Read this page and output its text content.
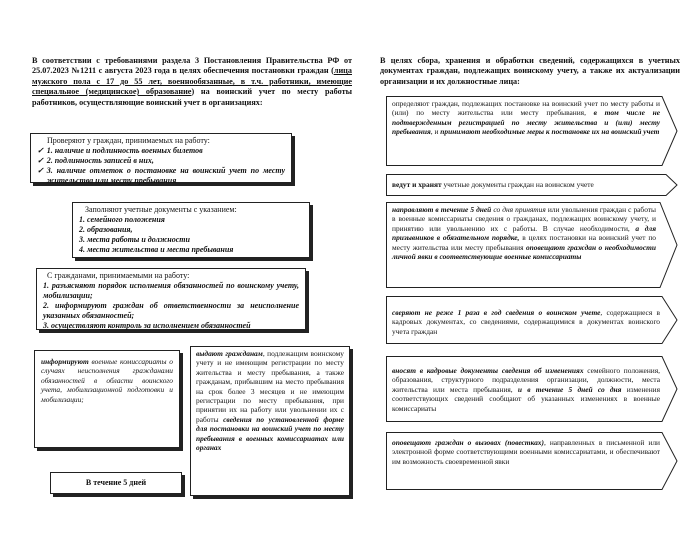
В соответствии с требованиями раздела 3 Постановления Правительства РФ от 25.07.2023 №1211 с августа 2023 года в целях обеспечения постановки граждан (лица мужского пола с 17 до 55 лет, военнообязанные, в т.ч. работники, имеющие специальное (медицинское) образование) на воинский учет по месту работы работников, осуществляющие воинский учет в организациях:
Проверяют у граждан, принимаемых на работу:
✓ 1. наличие и подлинность военных билетов
✓ 2. подлинность записей в них,
✓ 3. наличие отметок о постановке на воинский учет по месту жительства или месту пребывания
Заполняют учетные документы с указанием:
1. семейного положения
2. образования,
3. места работы и должности
4. места жительства и места пребывания
С гражданами, принимаемыми на работу:
1. разъясняют порядок исполнения обязанностей по воинскому учету, мобилизации;
2. информируют граждан об ответственности за неисполнение указанных обязанностей;
3. осуществляют контроль за исполнением обязанностей
информируют военные комиссариаты о случаях неисполнения гражданами обязанностей в области воинского учета, мобилизационной подготовки и мобилизации;
выдают гражданам, подлежащим воинскому учету и не имеющим регистрации по месту жительства и месту пребывания, а также гражданам, прибывшим на место пребывания на срок более 3 месяцев и не имеющим регистрации по месту пребывания, при принятии их на работу или увольнении их с работы сведения по установленной форме для постановки на воинский учет по месту пребывания в военных комиссариатах или органах
В течение 5 дней
В целях сбора, хранения и обработки сведений, содержащихся в учетных документах граждан, подлежащих воинскому учету, а также их актуализации организации и их должностные лица:
определяют граждан, подлежащих постановке на воинский учет по месту работы и (или) по месту жительства или месту пребывания, в том числе не подтвержденным регистрацией по месту жительства и (или) месту пребывания, и принимают необходимые меры к постановке их на воинский учет
ведут и хранят учетные документы граждан на воинском учете
направляют в течение 5 дней со дня принятия или увольнения граждан с работы в военные комиссариаты сведения о гражданах, подлежащих воинскому учету, и принятию или увольнению их с работы. В случае необходимости, а для призывников в обязательном порядке, в целях постановки на воинский учет по месту жительства или месту пребывания оповещают граждан о необходимости личной явки в соответствующие военные комиссариаты
сверяют не реже 1 раза в год сведения о воинском учете, содержащиеся в кадровых документах, со сведениями, содержащимися в документах воинского учета граждан
вносят в кадровые документы сведения об изменениях семейного положения, образования, структурного подразделения организации, должности, места жительства или места пребывания, и в течение 5 дней со дня изменения соответствующих сведений сообщают об указанных изменениях в военные комиссариаты
оповещают граждан о вызовах (повестках), направленных в письменной или электронной форме соответствующими военными комиссариатами, и обеспечивают им возможность своевременной явки
